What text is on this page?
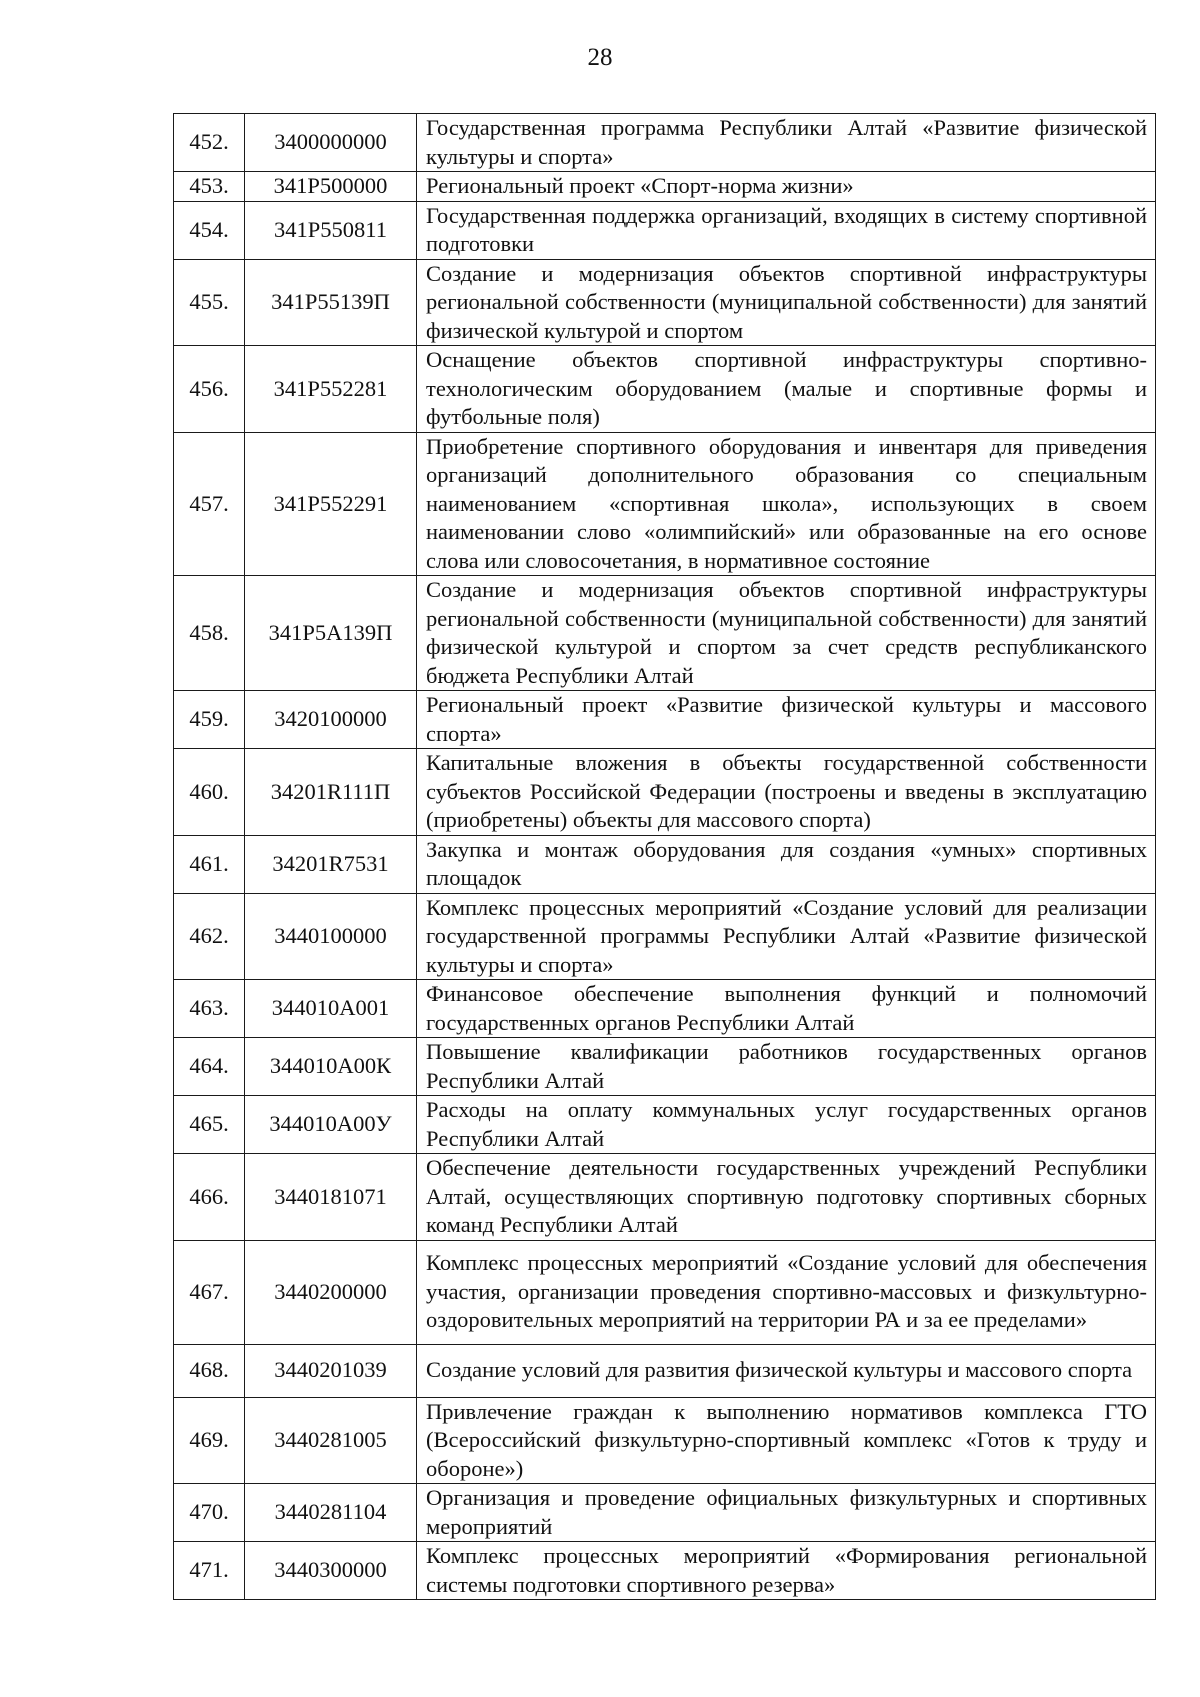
28
452.	3400000000	Государственная программа Республики Алтай «Развитие физической культуры и спорта»
453.	341P500000	Региональный проект «Спорт-норма жизни»
454.	341P550811	Государственная поддержка организаций, входящих в систему спортивной подготовки
455.	341P55139П	Создание и модернизация объектов спортивной инфраструктуры региональной собственности (муниципальной собственности) для занятий физической культурой и спортом
456.	341P552281	Оснащение объектов спортивной инфраструктуры спортивно-технологическим оборудованием (малые и спортивные формы и футбольные поля)
457.	341P552291	Приобретение спортивного оборудования и инвентаря для приведения организаций дополнительного образования со специальным наименованием «спортивная школа», использующих в своем наименовании слово «олимпийский» или образованные на его основе слова или словосочетания, в нормативное состояние
458.	341P5A139П	Создание и модернизация объектов спортивной инфраструктуры региональной собственности (муниципальной собственности) для занятий физической культурой и спортом за счет средств республиканского бюджета Республики Алтай
459.	3420100000	Региональный проект «Развитие физической культуры и массового спорта»
460.	34201R111П	Капитальные вложения в объекты государственной собственности субъектов Российской Федерации (построены и введены в эксплуатацию (приобретены) объекты для массового спорта)
461.	34201R7531	Закупка и монтаж оборудования для создания «умных» спортивных площадок
462.	3440100000	Комплекс процессных мероприятий «Создание условий для реализации государственной программы Республики Алтай «Развитие физической культуры и спорта»
463.	344010А001	Финансовое обеспечение выполнения функций и полномочий государственных органов Республики Алтай
464.	344010А00К	Повышение квалификации работников государственных органов Республики Алтай
465.	344010А00У	Расходы на оплату коммунальных услуг государственных органов Республики Алтай
466.	3440181071	Обеспечение деятельности государственных учреждений Республики Алтай, осуществляющих спортивную подготовку спортивных сборных команд Республики Алтай
467.	3440200000	Комплекс процессных мероприятий «Создание условий для обеспечения участия, организации проведения спортивно-массовых и физкультурно-оздоровительных мероприятий на территории РА и за ее пределами»
468.	3440201039	Создание условий для развития физической культуры и массового спорта
469.	3440281005	Привлечение граждан к выполнению нормативов комплекса ГТО (Всероссийский физкультурно-спортивный комплекс «Готов к труду и обороне»)
470.	3440281104	Организация и проведение официальных физкультурных и спортивных мероприятий
471.	3440300000	Комплекс процессных мероприятий «Формирования региональной системы подготовки спортивного резерва»
